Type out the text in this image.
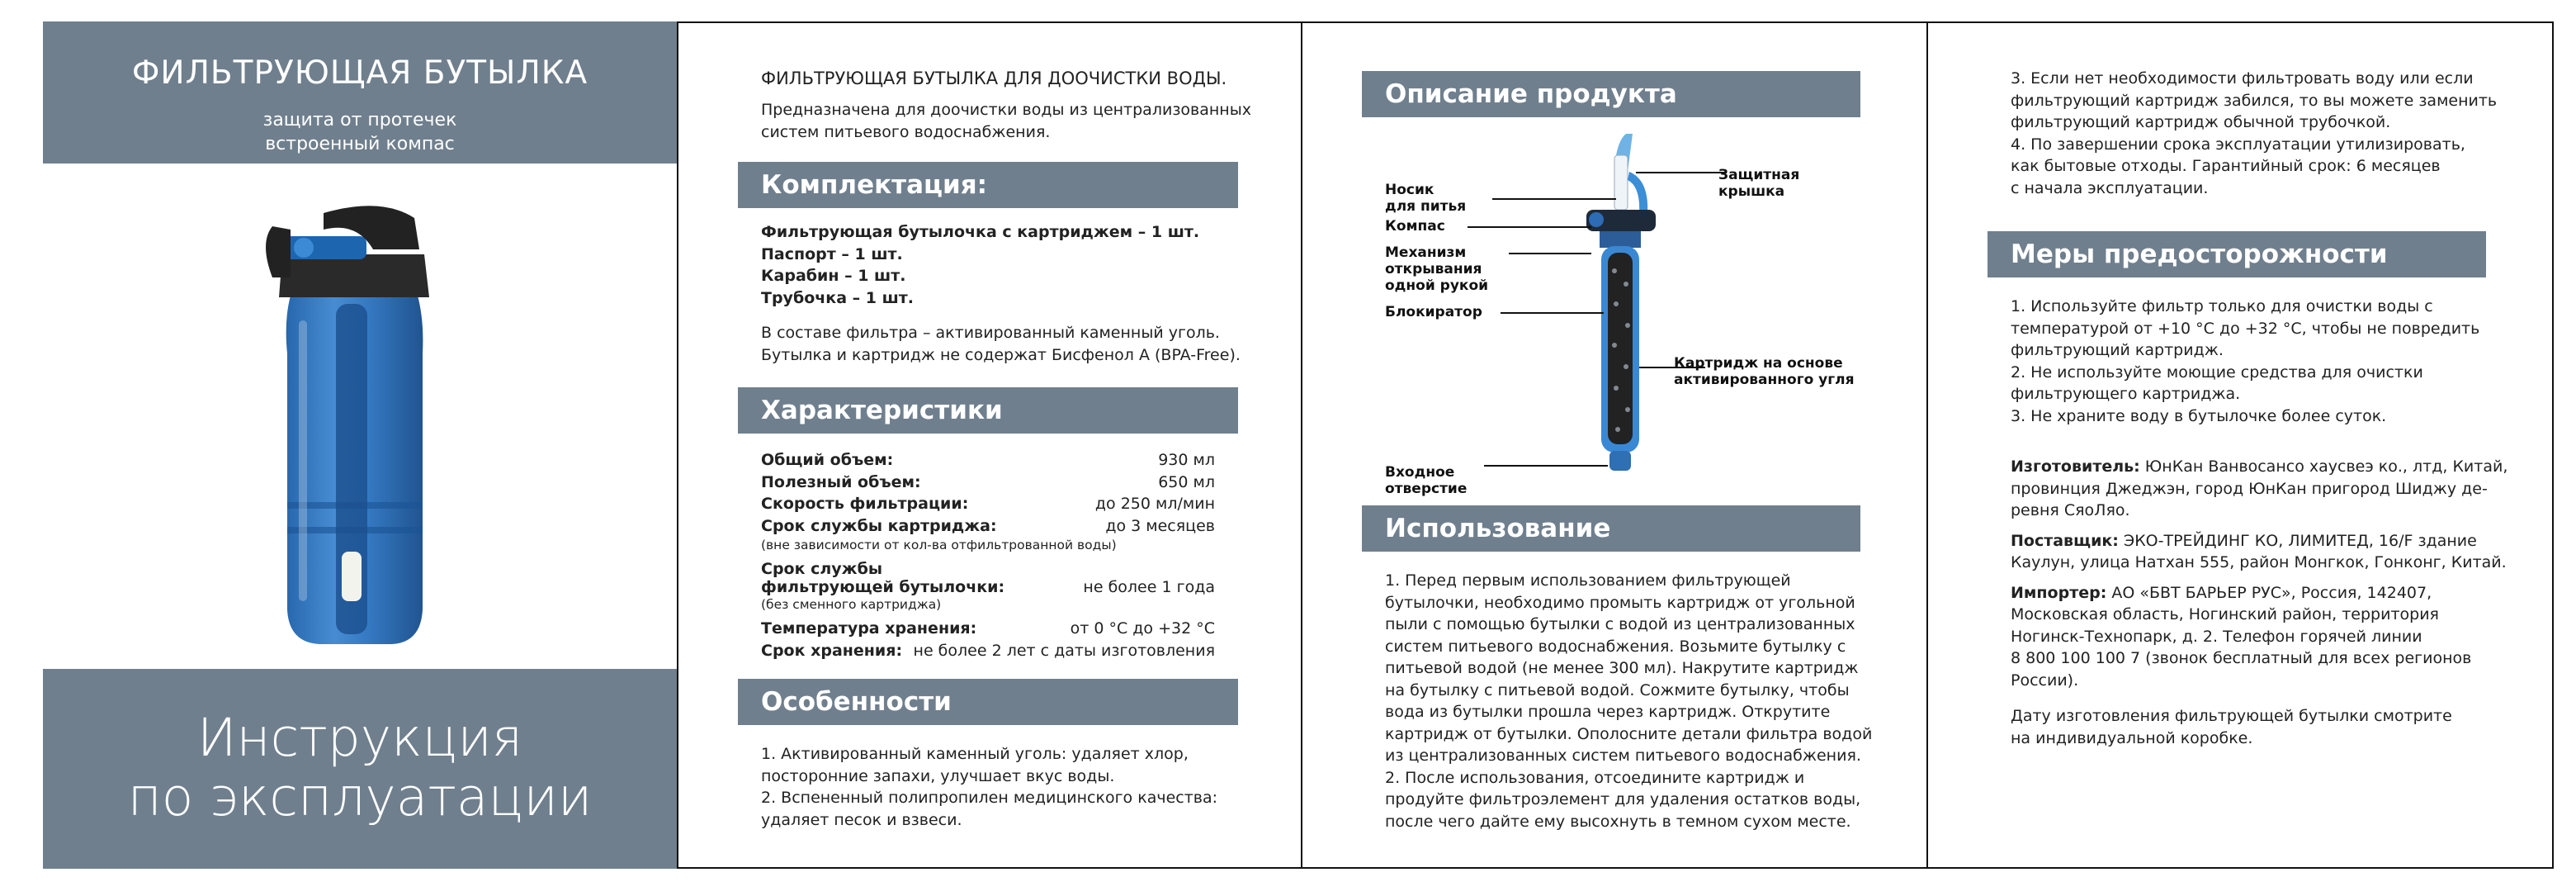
ФИЛЬТРУЮЩАЯ БУТЫЛКА
защита от протечек
встроенный компас
Инструкция
по эксплуатации
ФИЛЬТРУЮЩАЯ БУТЫЛКА ДЛЯ ДООЧИСТКИ ВОДЫ.
Предназначена для доочистки воды из централизованных
систем питьевого водоснабжения.
Комплектация:
Фильтрующая бутылочка с картриджем – 1 шт.
Паспорт – 1 шт.
Карабин – 1 шт.
Трубочка – 1 шт.
В составе фильтра – активированный каменный уголь.
Бутылка и картридж не содержат Бисфенол А (BPA-Free).
Характеристики
Общий объем:	930 мл
Полезный объем:	650 мл
Скорость фильтрации:	до 250 мл/мин
Срок службы картриджа:	до 3 месяцев
(вне зависимости от кол-ва отфильтрованной воды)
Срок службы
фильтрующей бутылочки:	не более 1 года
(без сменного картриджа)
Температура хранения:	от 0 °С до +32 °С
Срок хранения: не более 2 лет с даты изготовления
Особенности
1. Активированный каменный уголь: удаляет хлор,
посторонние запахи, улучшает вкус воды.
2. Вспененный полипропилен медицинского качества:
удаляет песок и взвеси.
Описание продукта
Носик
для питья
Компас
Механизм
открывания
одной рукой
Блокиратор
Защитная
крышка
Картридж на основе
активированного угля
Входное
отверстие
Использование
1. Перед первым использованием фильтрующей
бутылочки, необходимо промыть картридж от угольной
пыли с помощью бутылки с водой из централизованных
систем питьевого водоснабжения. Возьмите бутылку с
питьевой водой (не менее 300 мл). Накрутите картридж
на бутылку с питьевой водой. Сожмите бутылку, чтобы
вода из бутылки прошла через картридж. Открутите
картридж от бутылки. Ополосните детали фильтра водой
из централизованных систем питьевого водоснабжения.
2. После использования, отсоедините картридж и
продуйте фильтроэлемент для удаления остатков воды,
после чего дайте ему высохнуть в темном сухом месте.
3. Если нет необходимости фильтровать воду или если
фильтрующий картридж забился, то вы можете заменить
фильтрующий картридж обычной трубочкой.
4. По завершении срока эксплуатации утилизировать,
как бытовые отходы. Гарантийный срок: 6 месяцев
с начала эксплуатации.
Меры предосторожности
1. Используйте фильтр только для очистки воды с
температурой от +10 °С до +32 °С, чтобы не повредить
фильтрующий картридж.
2. Не используйте моющие средства для очистки
фильтрующего картриджа.
3. Не храните воду в бутылочке более суток.
Изготовитель: ЮнКан Ванвосансо хаусвеэ ко., лтд, Китай,
провинция Джеджэн, город ЮнКан пригород Шиджу де-
ревня СяоЛяо.
Поставщик: ЭКО-ТРЕЙДИНГ КО, ЛИМИТЕД, 16/F здание
Каулун, улица Натхан 555, район Монгкок, Гонконг, Китай.
Импортер: АО «БВТ БАРЬЕР РУС», Россия, 142407,
Московская область, Ногинский район, территория
Ногинск-Технопарк, д. 2. Телефон горячей линии
8 800 100 100 7 (звонок бесплатный для всех регионов
России).
Дату изготовления фильтрующей бутылки смотрите
на индивидуальной коробке.
